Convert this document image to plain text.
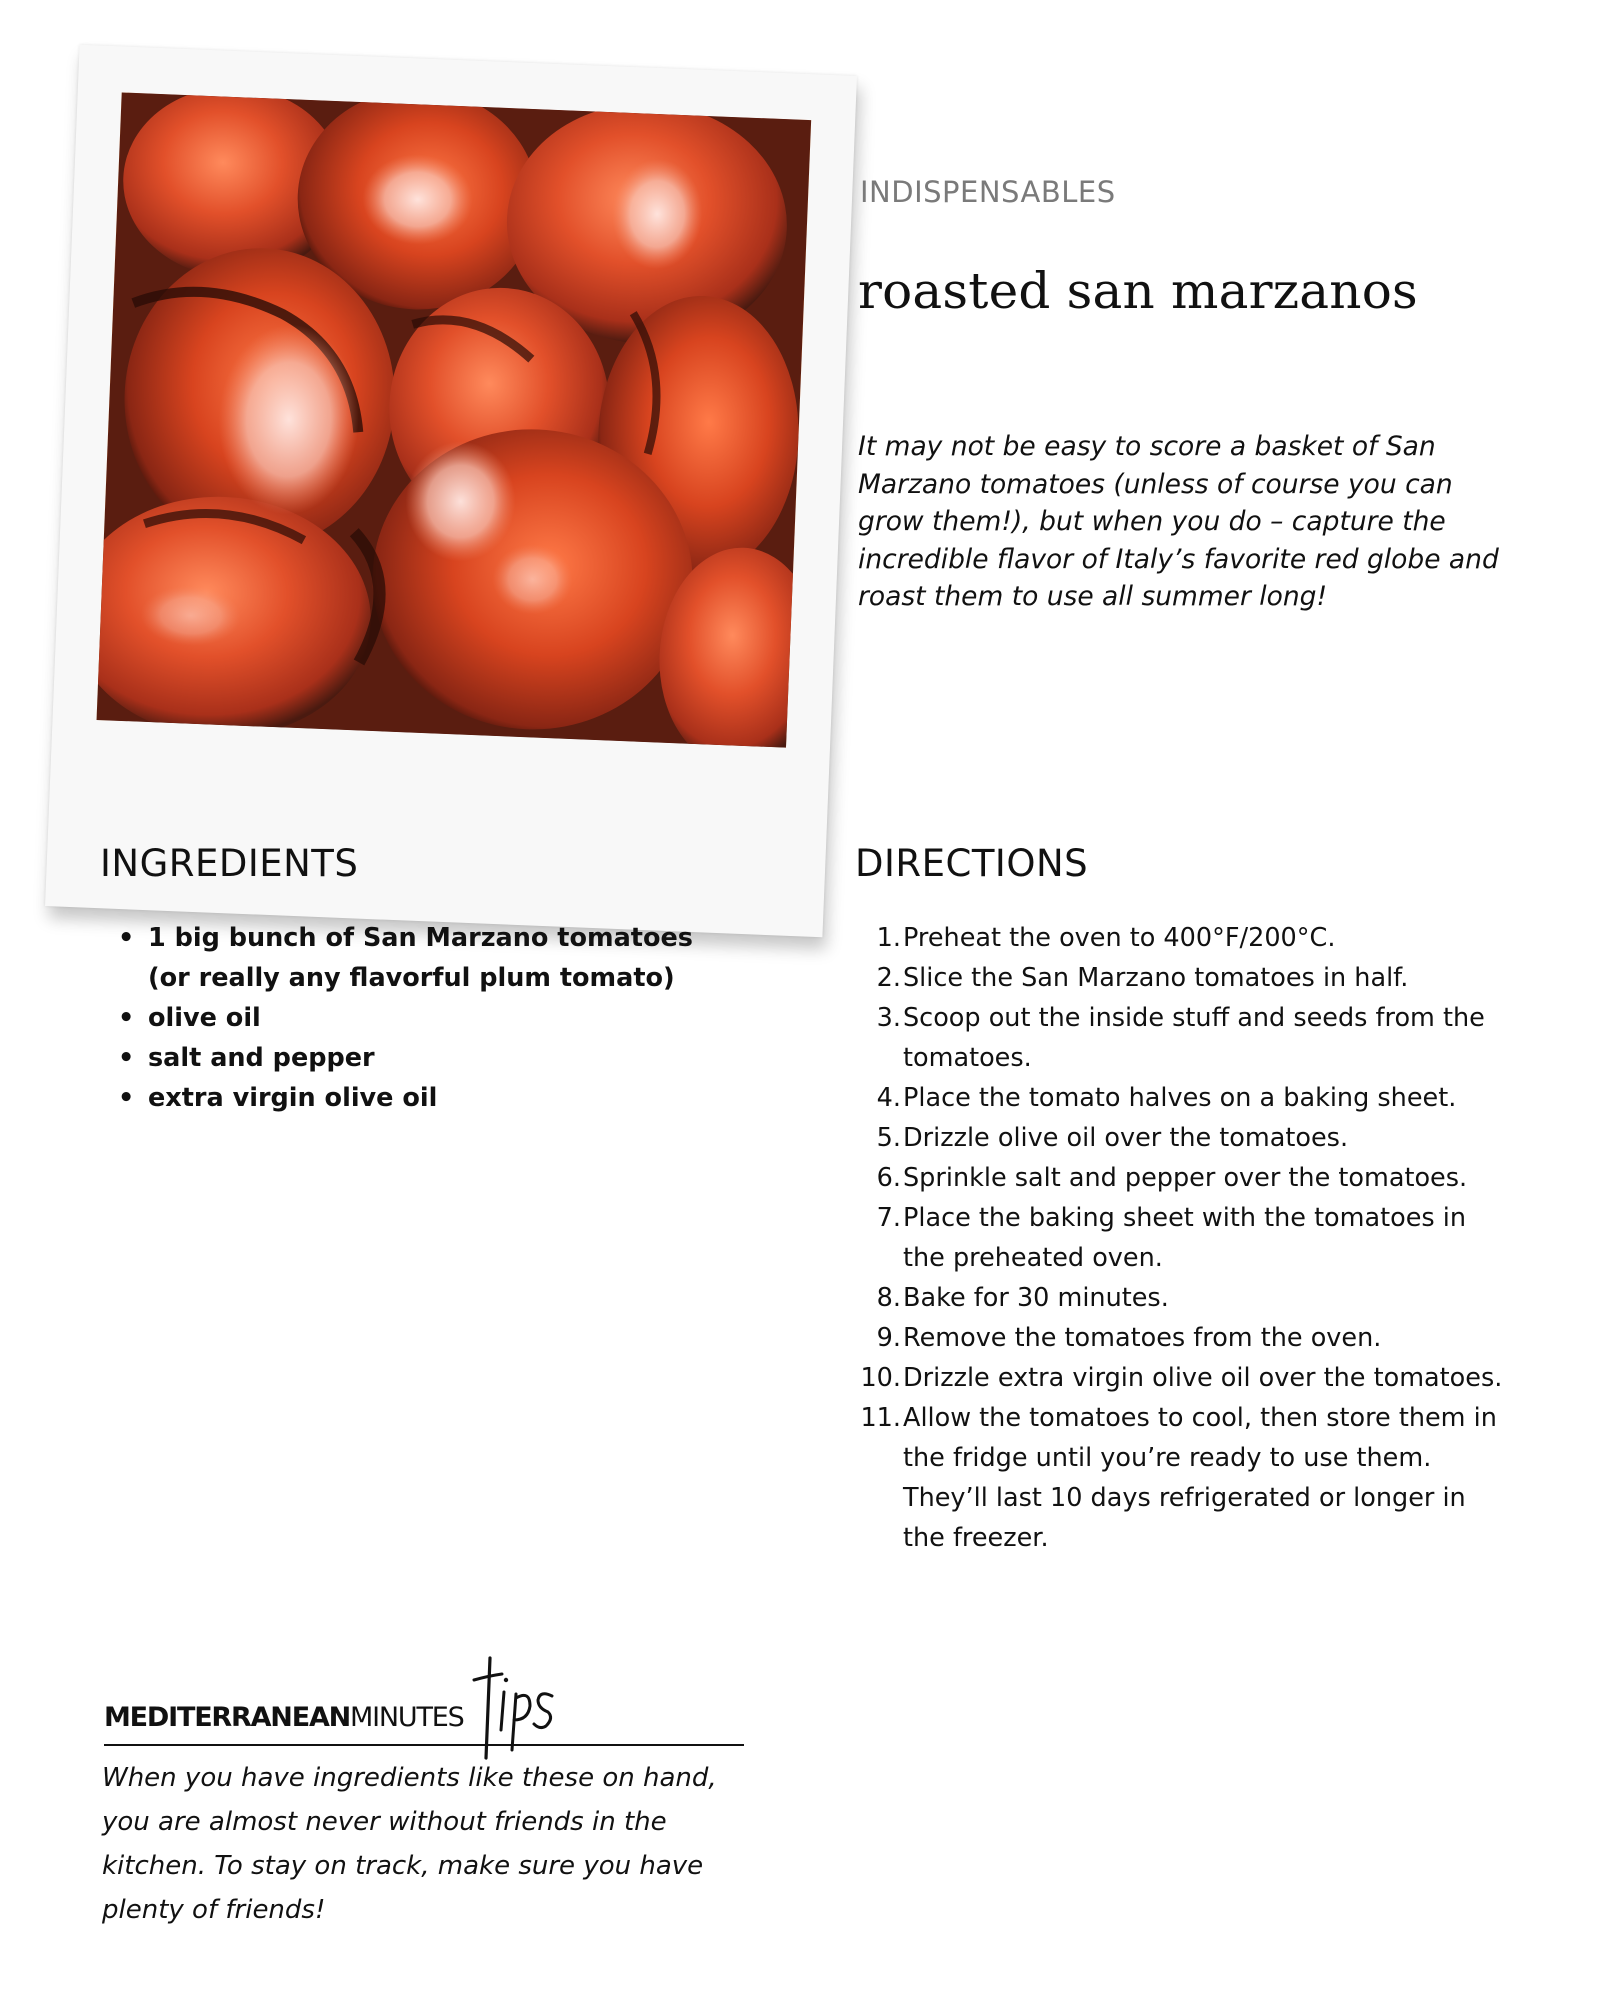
INDISPENSABLES
roasted san marzanos

It may not be easy to score a basket of San Marzano tomatoes (unless of course you can grow them!), but when you do – capture the incredible flavor of Italy’s favorite red globe and roast them to use all summer long!

INGREDIENTS
• 1 big bunch of San Marzano tomatoes (or really any flavorful plum tomato)
• olive oil
• salt and pepper
• extra virgin olive oil
DIRECTIONS
1. Preheat the oven to 400°F/200°C.
2. Slice the San Marzano tomatoes in half.
3. Scoop out the inside stuff and seeds from the tomatoes.
4. Place the tomato halves on a baking sheet.
5. Drizzle olive oil over the tomatoes.
6. Sprinkle salt and pepper over the tomatoes.
7. Place the baking sheet with the tomatoes in the preheated oven.
8. Bake for 30 minutes.
9. Remove the tomatoes from the oven.
10. Drizzle extra virgin olive oil over the tomatoes.
11. Allow the tomatoes to cool, then store them in the fridge until you’re ready to use them. They’ll last 10 days refrigerated or longer in the freezer.
MEDITERRANEANMINUTES

When you have ingredients like these on hand, you are almost never without friends in the kitchen. To stay on track, make sure you have plenty of friends!
